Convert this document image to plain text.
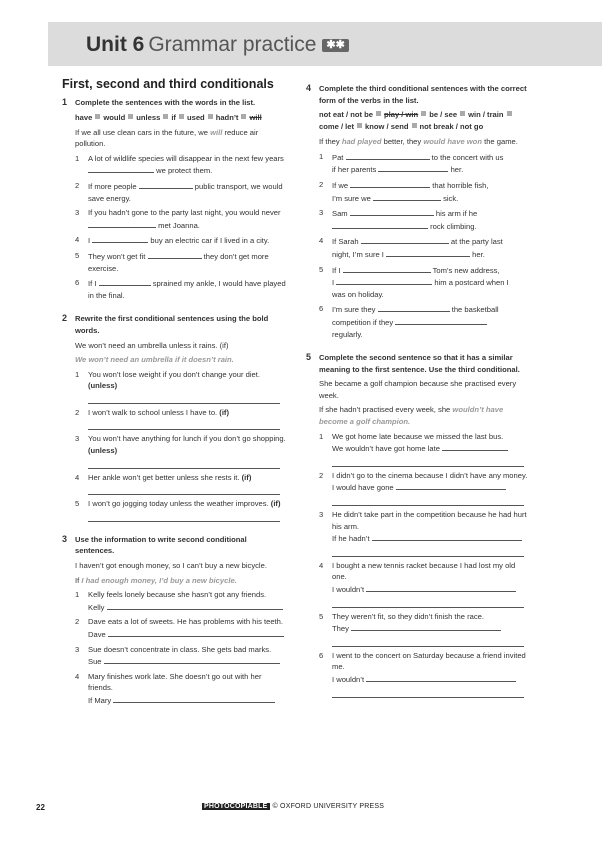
Unit 6 Grammar practice ✱✱
First, second and third conditionals
1 Complete the sentences with the words in the list.
have would unless if used hadn’t will
If we all use clean cars in the future, we will reduce air pollution.
1 A lot of wildlife species will disappear in the next few years  we protect them.
2 If more people	public transport, we would save energy.
3 If you hadn’t gone to the party last night, you would never  met Joanna.
4 I	buy an electric car if I lived in a city.
5 They won’t get fit	they don’t get more exercise.
6 If I	sprained my ankle, I would have played in the final.
2 Rewrite the first conditional sentences using the bold words.
We won’t need an umbrella unless it rains. (if)
We won’t need an umbrella if it doesn’t rain.
1 You won’t lose weight if you don’t change your diet. (unless)
2 I won’t walk to school unless I have to. (if)
3 You won’t have anything for lunch if you don’t go shopping. (unless)
4 Her ankle won’t get better unless she rests it. (if)
5 I won’t go jogging today unless the weather improves. (if)
3 Use the information to write second conditional sentences.
I haven’t got enough money, so I can’t buy a new bicycle.
If I had enough money, I’d buy a new bicycle.
1 Kelly feels lonely because she hasn’t got any friends.
Kelly
2 Dave eats a lot of sweets. He has problems with his teeth.
Dave
3 Sue doesn’t concentrate in class. She gets bad marks.
Sue
4 Mary finishes work late. She doesn’t go out with her friends.
If Mary
4 Complete the third conditional sentences with the correct form of the verbs in the list.
not eat / not be play / win be / see win / traincome / let know / send not break / not go
If they had played better, they would have won the game.
1 Pat	to the concert with us
if her parents	her.
2 If we	that horrible fish,
I’m sure we	sick.
3 Sam	his arm if he
rock climbing.
4 If Sarah	at the party last
night, I’m sure I	her.
5 If I	Tom’s new address,
I	him a postcard when I
was on holiday.
6 I’m sure they	the basketball
competition if they
regularly.
5 Complete the second sentence so that it has a similar meaning to the first sentence. Use the third conditional.
She became a golf champion because she practised every week.
If she hadn’t practised every week, she wouldn’t have become a golf champion.
1 We got home late because we missed the last bus.
We wouldn’t have got home late
2 I didn’t go to the cinema because I didn’t have any money.
I would have gone
3 He didn’t take part in the competition because he had hurt his arm.
If he hadn’t
4 I bought a new tennis racket because I had lost my old one.
I wouldn’t
5 They weren’t fit, so they didn’t finish the race.
They
6 I went to the concert on Saturday because a friend invited me.
I wouldn’t
22	PHOTOCOPIABLE © OXFORD UNIVERSITY PRESS
